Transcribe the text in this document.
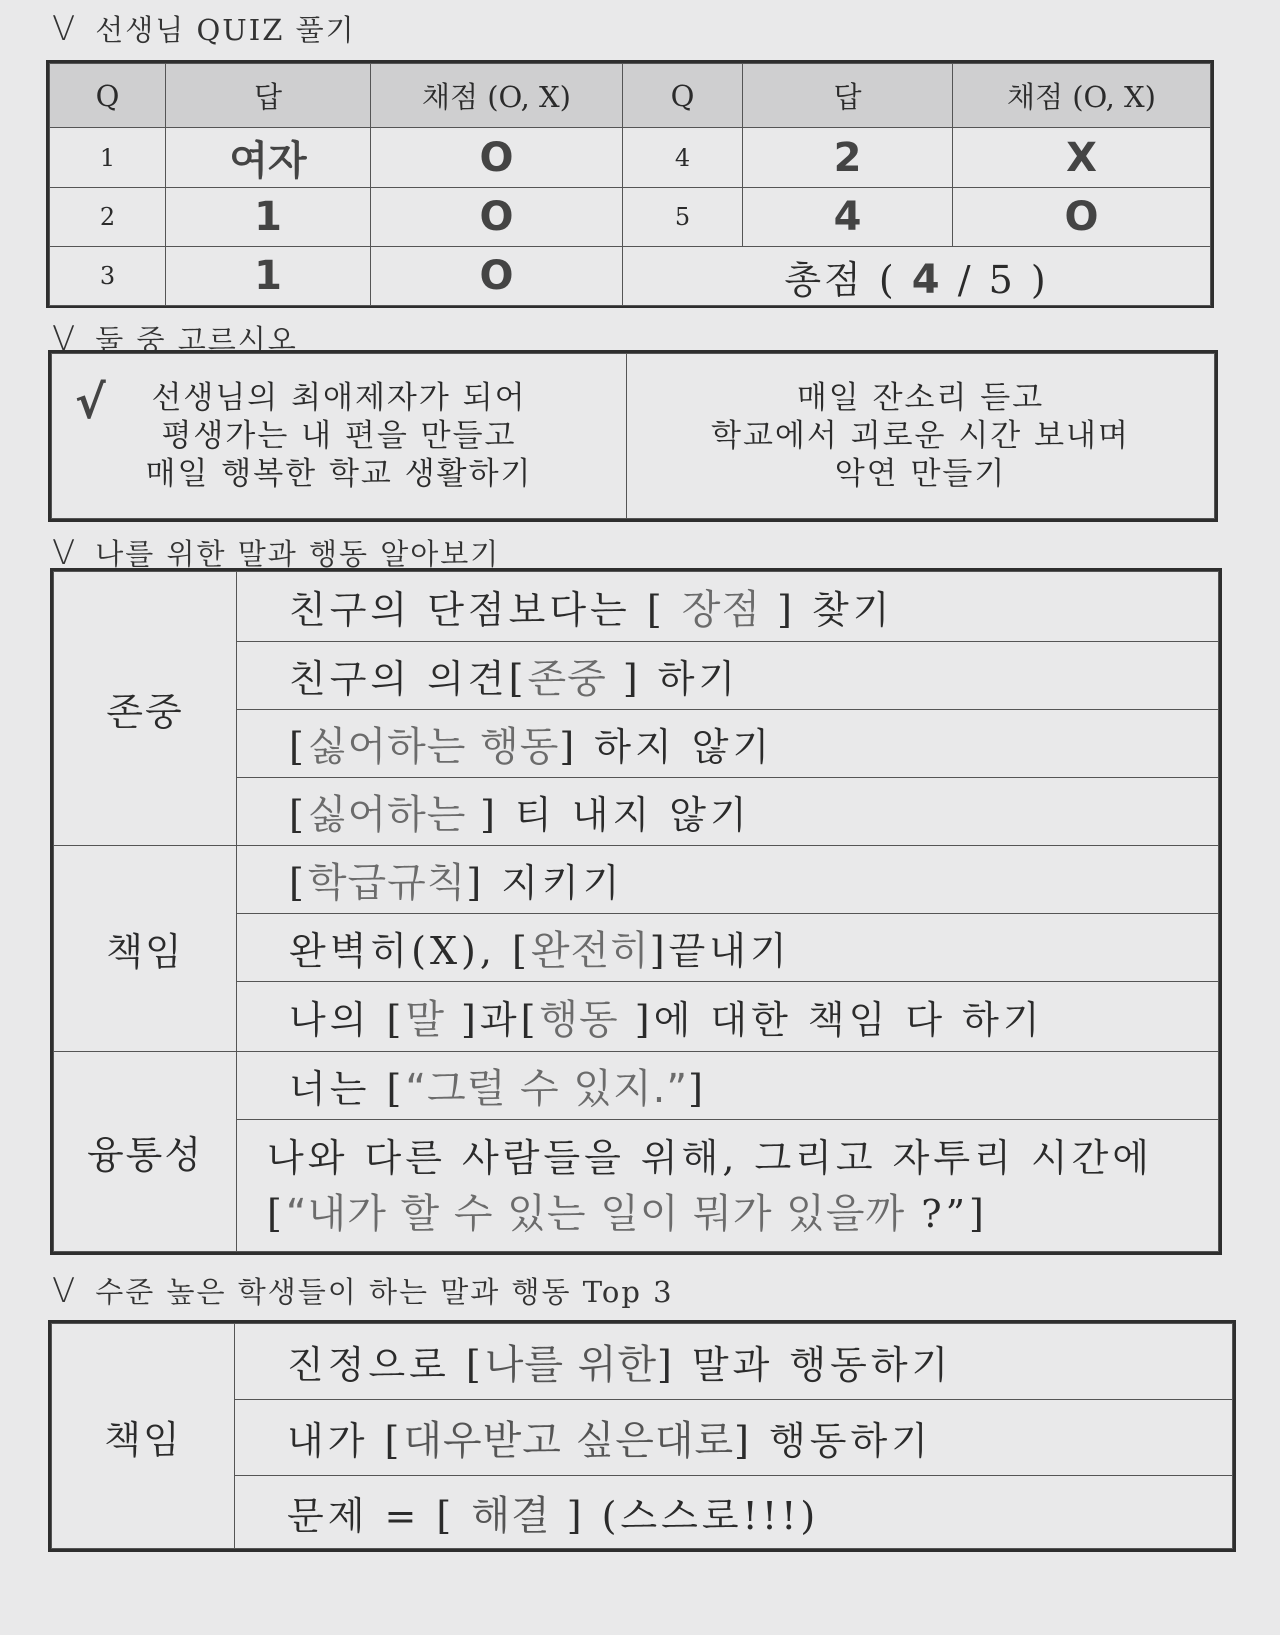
V 선생님 QUIZ 풀기
Q	답	채점 (O, X)	Q	답	채점 (O, X)
1	여자	O	4	2	X
2	1	O	5	4	O
3	1	O	총점 ( 4 / 5 )		
V 둘 중 고르시오
√	선생님의 최애제자가 되어
평생가는 내 편을 만들고
매일 행복한 학교 생활하기

매일 잔소리 듣고
학교에서 괴로운 시간 보내며
악연 만들기
V 나를 위한 말과 행동 알아보기
존중	친구의 단점보다는 [ 장점 ] 찾기
	친구의 의견[존중 ] 하기
	[싫어하는 행동] 하지 않기
	[싫어하는 ] 티 내지 않기
책임	[학급규칙] 지키기
	완벽히(X), [완전히]끝내기
	나의 [말 ]과[행동 ]에 대한 책임 다 하기
융통성	너는 [“그럴 수 있지.”]

	나와 다른 사람들을 위해, 그리고 자투리 시간에
[“내가 할 수 있는 일이 뭐가 있을까 ?”]
V 수준 높은 학생들이 하는 말과 행동 Top 3
책임	진정으로 [나를 위한] 말과 행동하기
내가 [대우받고 싶은대로] 행동하기
문제 = [ 해결 ] (스스로!!!)
